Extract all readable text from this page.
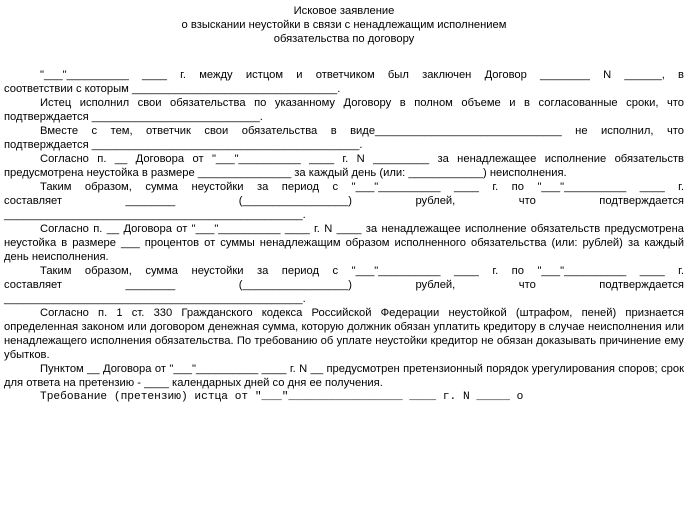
Исковое заявление
о взыскании неустойки в связи с ненадлежащим исполнением
обязательства по договору
"___"__________ ____ г. между истцом и ответчиком был заключен Договор ________ N ______, в
соответствии с которым _________________________________.

Истец исполнил свои обязательства по указанному Договору в полном объеме и в согласованные сроки, что подтверждается ___________________________.

Вместе с тем, ответчик свои обязательства в виде______________________________ не исполнил, что
подтверждается ___________________________________________.

Согласно п. __ Договора от "___"__________ ____ г. N _________ за ненадлежащее исполнение обязательств предусмотрена неустойка в размере _______________ за каждый день (или: ____________) неисполнения.

Таким образом, сумма неустойки за период с "___"__________ ____ г. по "___"__________ ____ г.
составляет ________ (_________________) рублей, что подтверждается
________________________________________________.

Согласно п. __ Договора от "___"__________ ____ г. N ____ за ненадлежащее исполнение обязательств предусмотрена неустойка в размере ___ процентов от суммы ненадлежащим образом исполненного обязательства (или: рублей) за каждый день неисполнения.

Таким образом, сумма неустойки за период с "___"__________ ____ г. по "___"__________ ____ г.
составляет ________ (_________________) рублей, что подтверждается
________________________________________________.

Согласно п. 1 ст. 330 Гражданского кодекса Российской Федерации неустойкой (штрафом, пеней) признается определенная законом или договором денежная сумма, которую должник обязан уплатить кредитору в случае неисполнения или ненадлежащего исполнения обязательства. По требованию об уплате неустойки кредитор не обязан доказывать причинение ему убытков.

Пунктом __ Договора от "___"__________ ____ г. N __ предусмотрен претензионный порядок урегулирования споров; срок для ответа на претензию - ____ календарных дней со дня ее получения.

Требование (претензию) истца от "___"_________________ ____ г. N _____ о
